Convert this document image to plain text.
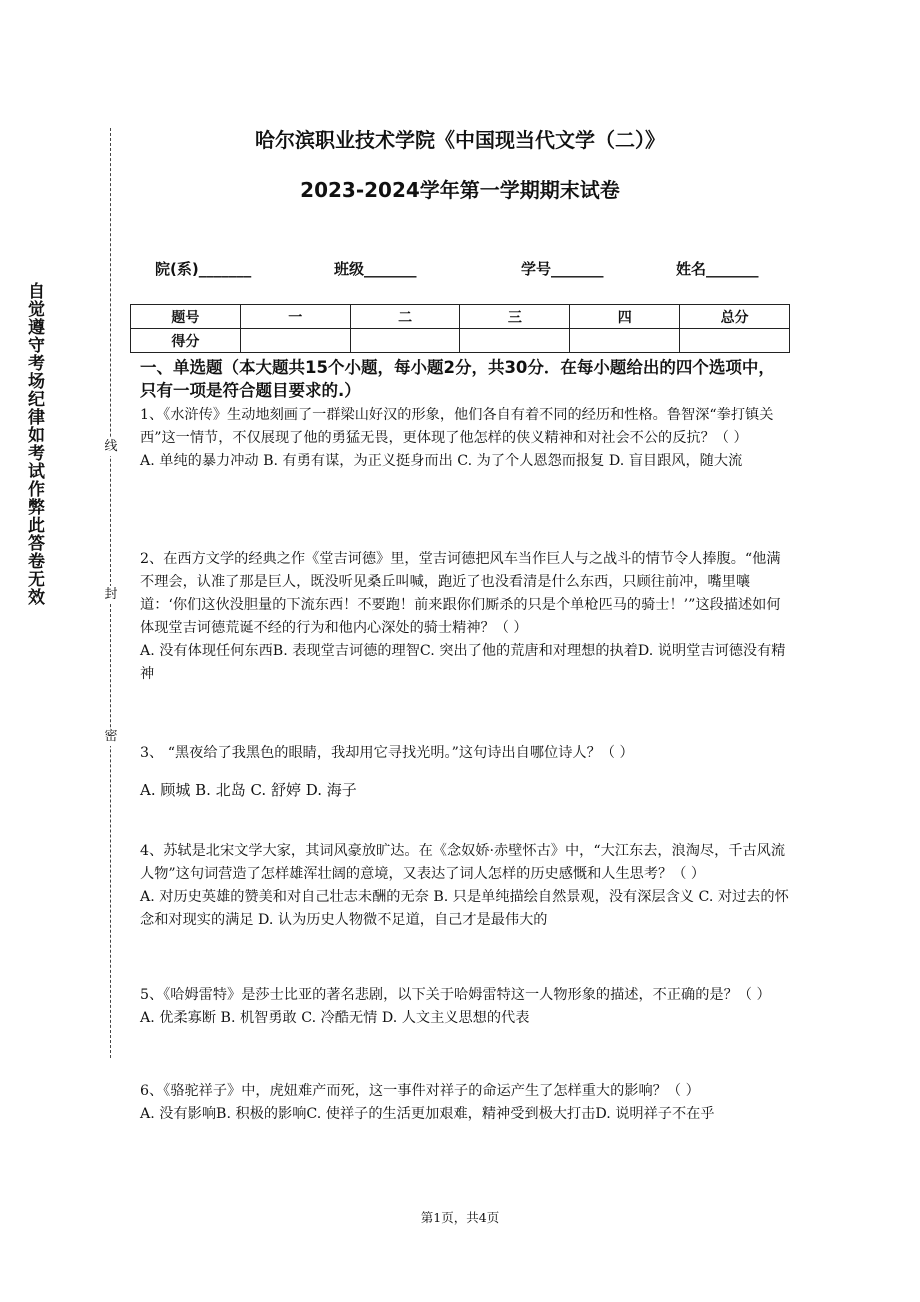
自觉遵守考场纪律如考试作弊此答卷无效	线
封
密
哈尔滨职业技术学院《中国现当代文学（二）》
2023-2024学年第一学期期末试卷
院(系)_______	班级_______	学号_______	姓名_______
题号	一	二	三	四	总分
得分					
一、单选题（本大题共15个小题，每小题2分，共30分．在每小题给出的四个选项中，只有一项是符合题目要求的.）

1、《水浒传》生动地刻画了一群梁山好汉的形象，他们各自有着不同的经历和性格。鲁智深“拳打镇关西”这一情节，不仅展现了他的勇猛无畏，更体现了他怎样的侠义精神和对社会不公的反抗？（ ）

A. 单纯的暴力冲动 B. 有勇有谋，为正义挺身而出 C. 为了个人恩怨而报复 D. 盲目跟风，随大流

2、在西方文学的经典之作《堂吉诃德》里，堂吉诃德把风车当作巨人与之战斗的情节令人捧腹。“他满不理会，认准了那是巨人，既没听见桑丘叫喊，跑近了也没看清是什么东西，只顾往前冲，嘴里嚷道：‘你们这伙没胆量的下流东西！不要跑！前来跟你们厮杀的只是个单枪匹马的骑士！’”这段描述如何体现堂吉诃德荒诞不经的行为和他内心深处的骑士精神？（ ）

A. 没有体现任何东西B. 表现堂吉诃德的理智C. 突出了他的荒唐和对理想的执着D. 说明堂吉诃德没有精神

3、 “黑夜给了我黑色的眼睛，我却用它寻找光明。”这句诗出自哪位诗人？（ ）

A. 顾城 B. 北岛 C. 舒婷 D. 海子

4、苏轼是北宋文学大家，其词风豪放旷达。在《念奴娇·赤壁怀古》中，“大江东去，浪淘尽，千古风流人物”这句词营造了怎样雄浑壮阔的意境，又表达了词人怎样的历史感慨和人生思考？（ ）

A. 对历史英雄的赞美和对自己壮志未酬的无奈 B. 只是单纯描绘自然景观，没有深层含义 C. 对过去的怀念和对现实的满足 D. 认为历史人物微不足道，自己才是最伟大的

5、《哈姆雷特》是莎士比亚的著名悲剧，以下关于哈姆雷特这一人物形象的描述，不正确的是？（ ）

A. 优柔寡断 B. 机智勇敢 C. 冷酷无情 D. 人文主义思想的代表

6、《骆驼祥子》中，虎妞难产而死，这一事件对祥子的命运产生了怎样重大的影响？（ ）

A. 没有影响B. 积极的影响C. 使祥子的生活更加艰难，精神受到极大打击D. 说明祥子不在乎

第1页，共4页
